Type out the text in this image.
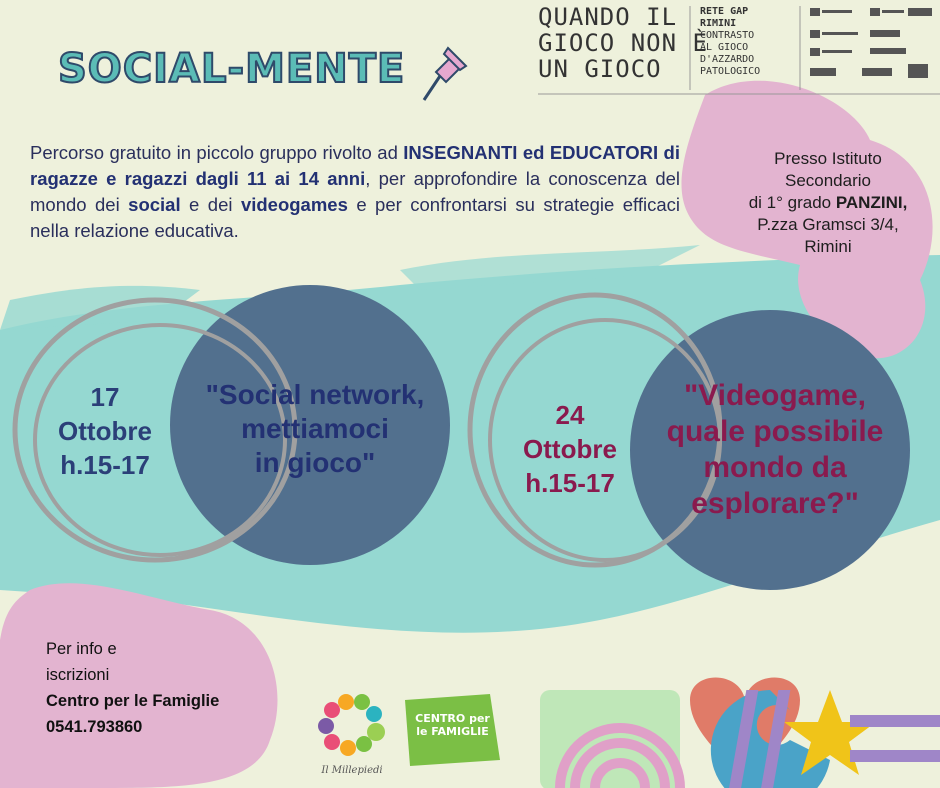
SOCIAL-MENTE
QUANDO IL
GIOCO NON È
UN GIOCO
RETE GAP
RIMINI
CONTRASTO
AL GIOCO
D'AZZARDO
PATOLOGICO
Percorso gratuito in piccolo gruppo rivolto ad INSEGNANTI ed EDUCATORI di ragazze e ragazzi dagli 11 ai 14 anni, per approfondire la conoscenza del mondo dei social e dei videogames e per confrontarsi su strategie efficaci nella relazione educativa.
Presso Istituto
Secondario
di 1° grado PANZINI,
P.zza Gramsci 3/4,
Rimini
17
Ottobre
h.15-17
"Social network,
mettiamoci
in gioco"
24
Ottobre
h.15-17
"Videogame,
quale possibile
mondo da
esplorare?"
Per info e
iscrizioni
Centro per le Famiglie
0541.793860
Il Millepiedi
CENTRO per le FAMIGLIE
